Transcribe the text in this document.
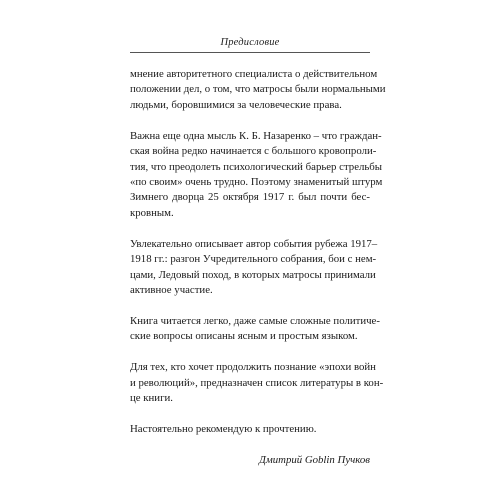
Предисловие

мнение авторитетного специалиста о действительном
положении дел, о том, что матросы были нормальными
людьми, боровшимися за человеческие права.

Важна еще одна мысль К. Б. Назаренко – что граждан-
ская война редко начинается с большого кровопроли-
тия, что преодолеть психологический барьер стрельбы
«по своим» очень трудно. Поэтому знаменитый штурм
Зимнего дворца 25 октября 1917 г. был почти бес-
кровным.

Увлекательно описывает автор события рубежа 1917–
1918 гг.: разгон Учредительного собрания, бои с нем-
цами, Ледовый поход, в которых матросы принимали
активное участие.

Книга читается легко, даже самые сложные политиче-
ские вопросы описаны ясным и простым языком.

Для тех, кто хочет продолжить познание «эпохи войн
и революций», предназначен список литературы в кон-
це книги.

Настоятельно рекомендую к прочтению.

Дмитрий Goblin Пучков
